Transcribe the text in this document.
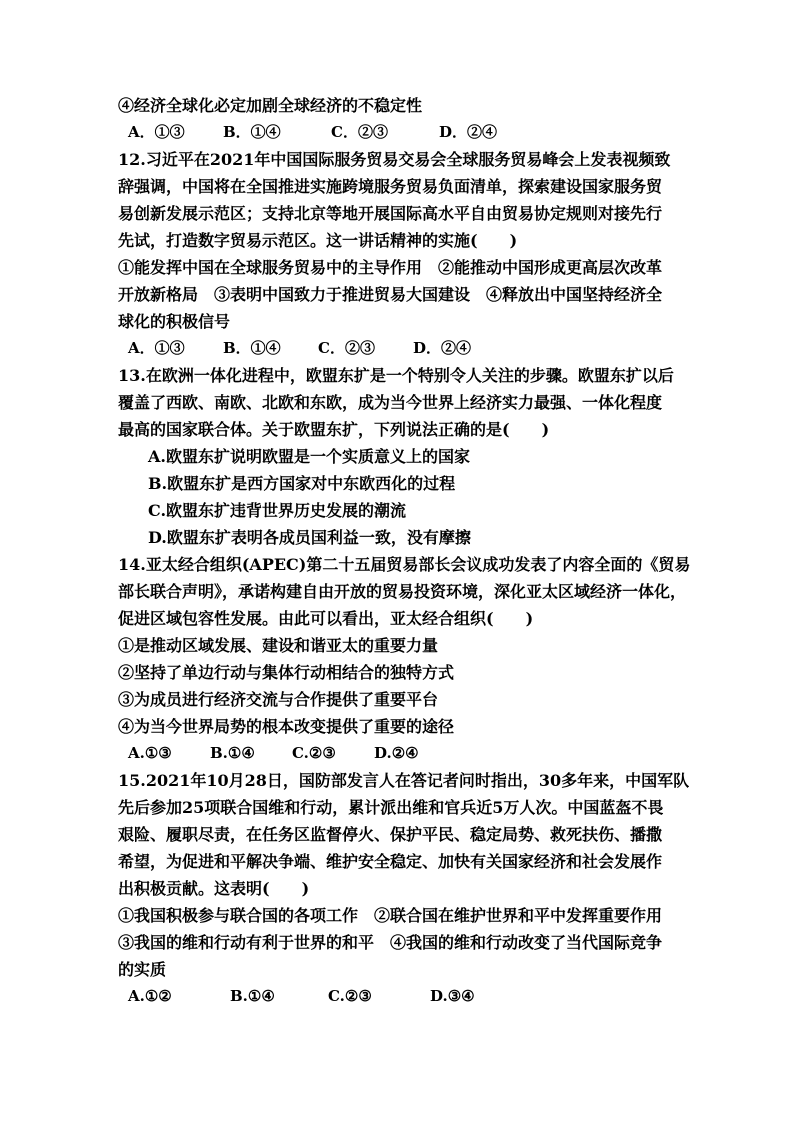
④经济全球化必定加剧全球经济的不稳定性
A．①③	B．①④	C．②③	D．②④
12.习近平在2021年中国国际服务贸易交易会全球服务贸易峰会上发表视频致
辞强调，中国将在全国推进实施跨境服务贸易负面清单，探索建设国家服务贸
易创新发展示范区；支持北京等地开展国际高水平自由贸易协定规则对接先行
先试，打造数字贸易示范区。这一讲话精神的实施(　　)
①能发挥中国在全球服务贸易中的主导作用　②能推动中国形成更高层次改革
开放新格局　③表明中国致力于推进贸易大国建设　④释放出中国坚持经济全
球化的积极信号
A．①③	B．①④ C．②③	D．②④
13.在欧洲一体化进程中，欧盟东扩是一个特别令人关注的步骤。欧盟东扩以后
覆盖了西欧、南欧、北欧和东欧，成为当今世界上经济实力最强、一体化程度
最高的国家联合体。关于欧盟东扩，下列说法正确的是(　　)
A.欧盟东扩说明欧盟是一个实质意义上的国家
B.欧盟东扩是西方国家对中东欧西化的过程
C.欧盟东扩违背世界历史发展的潮流
D.欧盟东扩表明各成员国利益一致，没有摩擦
14.亚太经合组织(APEC)第二十五届贸易部长会议成功发表了内容全面的《贸易
部长联合声明》，承诺构建自由开放的贸易投资环境，深化亚太区域经济一体化，
促进区域包容性发展。由此可以看出，亚太经合组织(　　)
①是推动区域发展、建设和谐亚太的重要力量
②坚持了单边行动与集体行动相结合的独特方式
③为成员进行经济交流与合作提供了重要平台
④为当今世界局势的根本改变提供了重要的途径
A.①③	B.①④ C.②③	D.②④
15.2021年10月28日，国防部发言人在答记者问时指出，30多年来，中国军队
先后参加25项联合国维和行动，累计派出维和官兵近5万人次。中国蓝盔不畏
艰险、履职尽责，在任务区监督停火、保护平民、稳定局势、救死扶伤、播撒
希望，为促进和平解决争端、维护安全稳定、加快有关国家经济和社会发展作
出积极贡献。这表明(　　)
①我国积极参与联合国的各项工作　②联合国在维护世界和平中发挥重要作用
③我国的维和行动有利于世界的和平　④我国的维和行动改变了当代国际竞争
的实质
A.①②	B.①④	C.②③	D.③④
